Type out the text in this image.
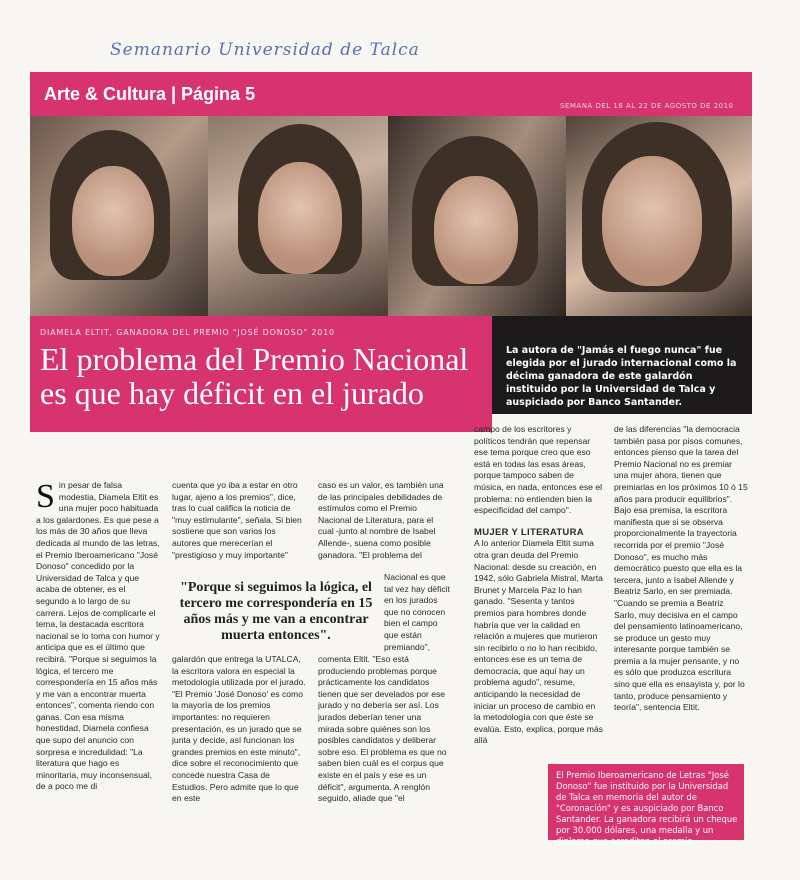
Semanario Universidad de Talca
Arte & Cultura | Página 5
SEMANA DEL 16 AL 22 DE AGOSTO DE 2010
DIAMELA ELTIT, GANADORA DEL PREMIO "JOSÉ DONOSO" 2010
El problema del Premio Nacional es que hay déficit en el jurado
La autora de "Jamás el fuego nunca" fue elegida por el jurado internacional como la décima ganadora de este galardón instituido por la Universidad de Talca y auspiciado por Banco Santander.

Sin pesar de falsa modestia, Diamela Eltit es una mujer poco habituada a los galardones. Es que pese a los más de 30 años que lleva dedicada al mundo de las letras, el Premio Iberoamericano "José Donoso" concedido por la Universidad de Talca y que acaba de obtener, es el segundo a lo largo de su carrera. Lejos de complicarle el tema, la destacada escritora nacional se lo toma con humor y anticipa que es el último que recibirá. "Porque si seguimos la lógica, el tercero me correspondería en 15 años más y me van a encontrar muerta entonces", comenta riendo con ganas. Con esa misma honestidad, Diamela confiesa que supo del anuncio con sorpresa e incredulidad: "La literatura que hago es minoritaria, muy inconsensual, de a poco me di

cuenta que yo iba a estar en otro lugar, ajeno a los premios", dice, tras lo cual califica la noticia de "muy estimulante", señala. Si bien sostiene que son varios los autores que merecerían el "prestigioso y muy importante"

"Porque si seguimos la lógica, el tercero me correspondería en 15 años más y me van a encontrar muerta entonces".

galardón que entrega la UTALCA, la escritora valora en especial la metodología utilizada por el jurado. "El Premio 'José Donoso' es como la mayoría de los premios importantes: no requieren presentación, es un jurado que se junta y decide, así funcionan los grandes premios en este minuto", dice sobre el reconocimiento que concede nuestra Casa de Estudios. Pero admite que lo que en este

caso es un valor, es también una de las principales debilidades de estímulos como el Premio Nacional de Literatura, para el cual -junto al nombre de Isabel Allende-, suena como posible ganadora. "El problema del

Nacional es que tal vez hay déficit en los jurados que no conocen bien el campo que están premiando",

comenta Eltit. "Eso está produciendo problemas porque prácticamente los candidatos tienen que ser develados por ese jurado y no debería ser así. Los jurados deberían tener una mirada sobre quiénes son los posibles candidatos y deliberar sobre eso. El problema es que no saben bien cuál es el corpus que existe en el país y ese es un déficit", argumenta. A renglón seguido, aliade que "el

campo de los escritores y políticos tendrán que repensar ese tema porque creo que eso está en todas las esas áreas, porque tampoco saben de música, en nada, entonces ese el problema: no entienden bien la especificidad del campo".

MUJER Y LITERATURA

A lo anterior Diamela Eltit suma otra gran deuda del Premio Nacional: desde su creación, en 1942, sólo Gabriela Mistral, Marta Brunet y Marcela Paz lo han ganado. "Sesenta y tantos premios para hombres donde habría que ver la calidad en relación a mujeres que murieron sin recibirlo o no lo han recibido, entonces ese es un tema de democracia, que aquí hay un problema agudo", resume, anticipando la necesidad de iniciar un proceso de cambio en la metodología con que éste se evalúa. Esto, explica, porque más allá

de las diferencias "la democracia también pasa por pisos comunes, entonces pienso que la tarea del Premio Nacional no es premiar una mujer ahora, tienen que premiarlas en los próximos 10 ó 15 años para producir equilibrios". Bajo esa premisa, la escritora manifiesta que si se observa proporcionalmente la trayectoria recorrida por el premio "José Donoso", es mucho más democrático puesto que ella es la tercera, junto a Isabel Allende y Beatriz Sarlo, en ser premiada. "Cuando se premia a Beatriz Sarlo, muy decisiva en el campo del pensamiento latinoamericano, se produce un gesto muy interesante porque también se premia a la mujer pensante, y no es sólo que produzca escritura sino que ella es ensayista y, por lo tanto, produce pensamiento y teoría", sentencia Eltit.

El Premio Iberoamericano de Letras "José Donoso" fue instituido por la Universidad de Talca en memoria del autor de "Coronación" y es auspiciado por Banco Santander. La ganadora recibirá un cheque por 30.000 dólares, una medalla y un diploma que acreditan el premio.
